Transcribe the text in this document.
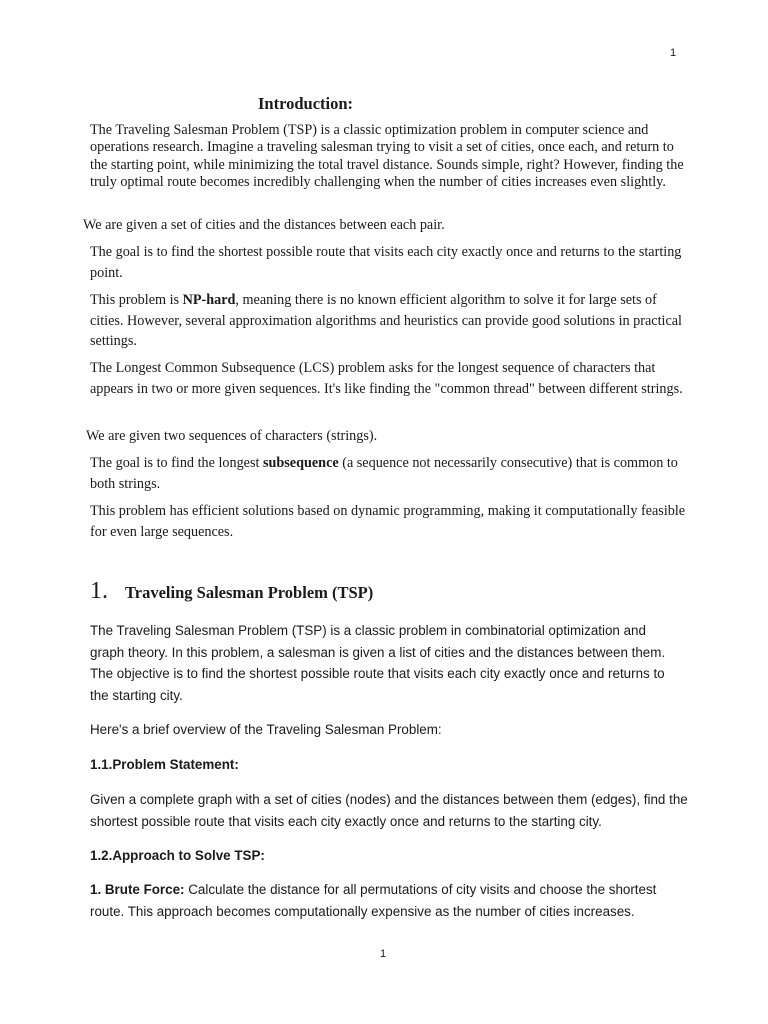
1
Introduction:
The Traveling Salesman Problem (TSP) is a classic optimization problem in computer science and operations research. Imagine a traveling salesman trying to visit a set of cities, once each, and return to the starting point, while minimizing the total travel distance. Sounds simple, right? However, finding the truly optimal route becomes incredibly challenging when the number of cities increases even slightly.
We are given a set of cities and the distances between each pair.
The goal is to find the shortest possible route that visits each city exactly once and returns to the starting point.
This problem is NP-hard, meaning there is no known efficient algorithm to solve it for large sets of cities. However, several approximation algorithms and heuristics can provide good solutions in practical settings.
The Longest Common Subsequence (LCS) problem asks for the longest sequence of characters that appears in two or more given sequences. It's like finding the "common thread" between different strings.
We are given two sequences of characters (strings).
The goal is to find the longest subsequence (a sequence not necessarily consecutive) that is common to both strings.
This problem has efficient solutions based on dynamic programming, making it computationally feasible for even large sequences.
1. Traveling Salesman Problem (TSP)
The Traveling Salesman Problem (TSP) is a classic problem in combinatorial optimization and graph theory. In this problem, a salesman is given a list of cities and the distances between them. The objective is to find the shortest possible route that visits each city exactly once and returns to the starting city.
Here's a brief overview of the Traveling Salesman Problem:
1.1.Problem Statement:
Given a complete graph with a set of cities (nodes) and the distances between them (edges), find the shortest possible route that visits each city exactly once and returns to the starting city.
1.2.Approach to Solve TSP:
1. Brute Force: Calculate the distance for all permutations of city visits and choose the shortest route. This approach becomes computationally expensive as the number of cities increases.
1
